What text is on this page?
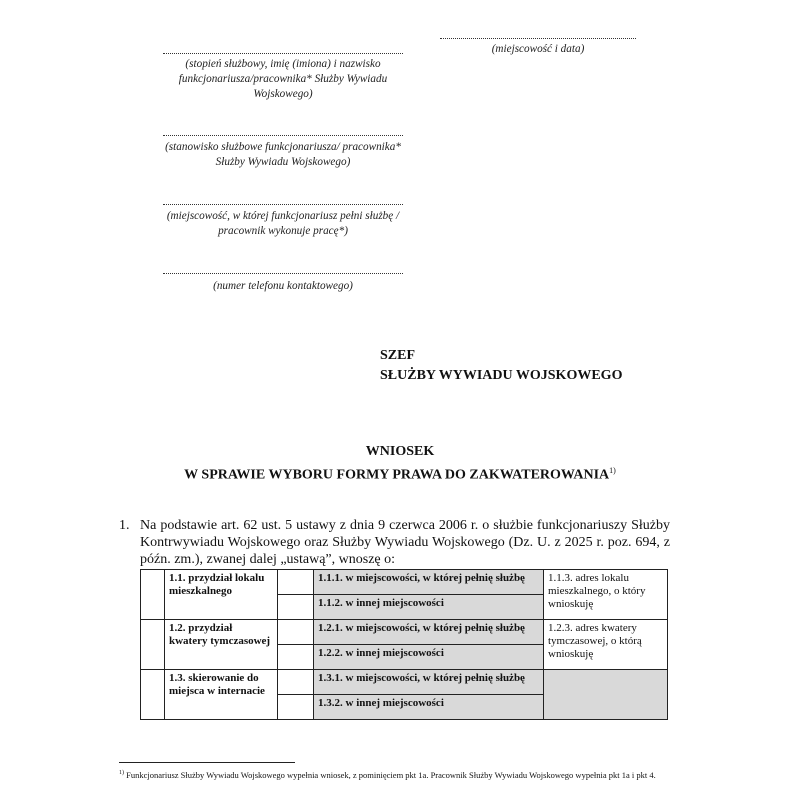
(miejscowość i data)
(stopień służbowy, imię (imiona) i nazwisko funkcjonariusza/pracownika* Służby Wywiadu Wojskowego)
(stanowisko służbowe funkcjonariusza/ pracownika* Służby Wywiadu Wojskowego)
(miejscowość, w której funkcjonariusz pełni służbę / pracownik wykonuje pracę*)
(numer telefonu kontaktowego)
SZEF
SŁUŻBY WYWIADU WOJSKOWEGO
WNIOSEK
W SPRAWIE WYBORU FORMY PRAWA DO ZAKWATEROWANIA$^{1)}$
1. Na podstawie art. 62 ust. 5 ustawy z dnia 9 czerwca 2006 r. o służbie funkcjonariuszy Służby Kontrwywiadu Wojskowego oraz Służby Wywiadu Wojskowego (Dz. U. z 2025 r. poz. 694, z późn. zm.), zwanej dalej „ustawą”, wnoszę o:
	1.1. przydział lokalu mieszkalnego		1.1.1. w miejscowości, w której pełnię służbę	1.1.3. adres lokalu mieszkalnego, o który wnioskuję
			1.1.2. w innej miejscowości	
	1.2. przydział kwatery tymczasowej		1.2.1. w miejscowości, w której pełnię służbę	1.2.3. adres kwatery tymczasowej, o którą wnioskuję
			1.2.2. w innej miejscowości	
	1.3. skierowanie do miejsca w internacie		1.3.1. w miejscowości, w której pełnię służbę	
			1.3.2. w innej miejscowości	
$^{1)}$ Funkcjonariusz Służby Wywiadu Wojskowego wypełnia wniosek, z pominięciem pkt 1a. Pracownik Służby Wywiadu Wojskowego wypełnia pkt 1a i pkt 4.
